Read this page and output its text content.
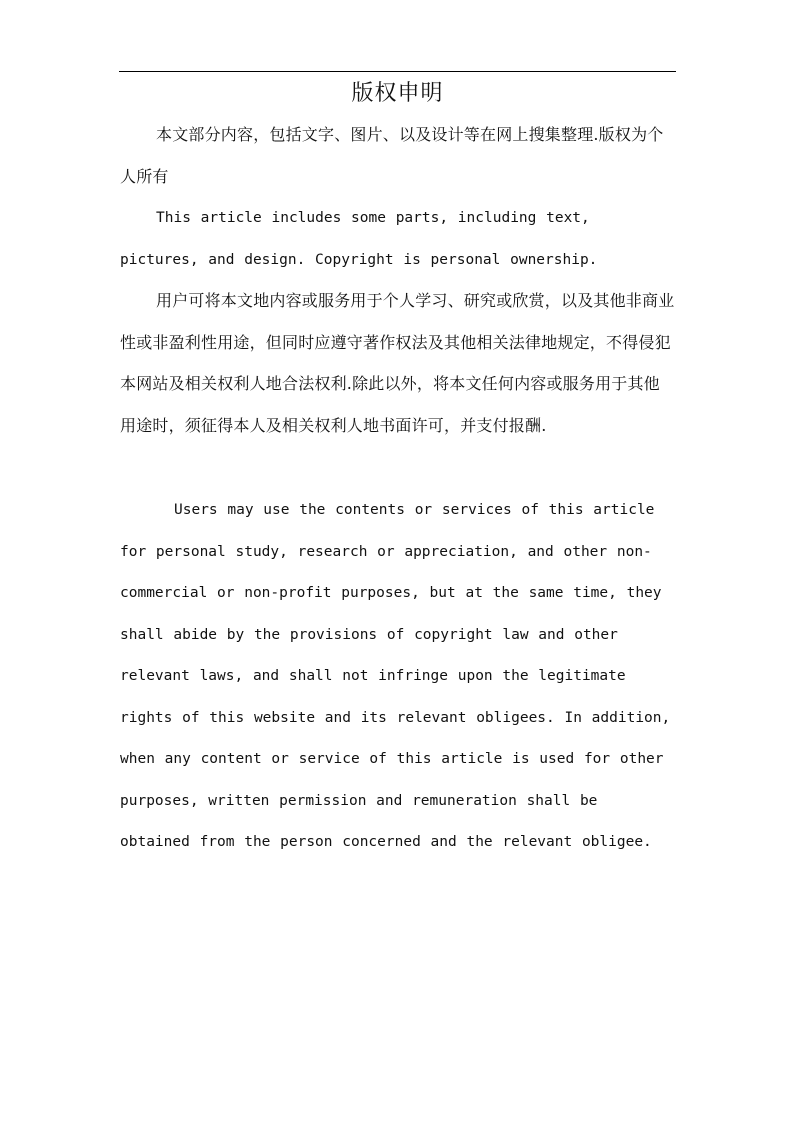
版权申明

本文部分内容，包括文字、图片、以及设计等在网上搜集整理.版权为个人所有

This article includes some parts, including text, pictures, and design. Copyright is personal ownership.

用户可将本文地内容或服务用于个人学习、研究或欣赏，以及其他非商业性或非盈利性用途，但同时应遵守著作权法及其他相关法律地规定，不得侵犯本网站及相关权利人地合法权利.除此以外，将本文任何内容或服务用于其他用途时，须征得本人及相关权利人地书面许可，并支付报酬.

Users may use the contents or services of this article for personal study, research or appreciation, and other non-commercial or non-profit purposes, but at the same time, they shall abide by the provisions of copyright law and other relevant laws, and shall not infringe upon the legitimate rights of this website and its relevant obligees. In addition, when any content or service of this article is used for other purposes, written permission and remuneration shall be obtained from the person concerned and the relevant obligee.
